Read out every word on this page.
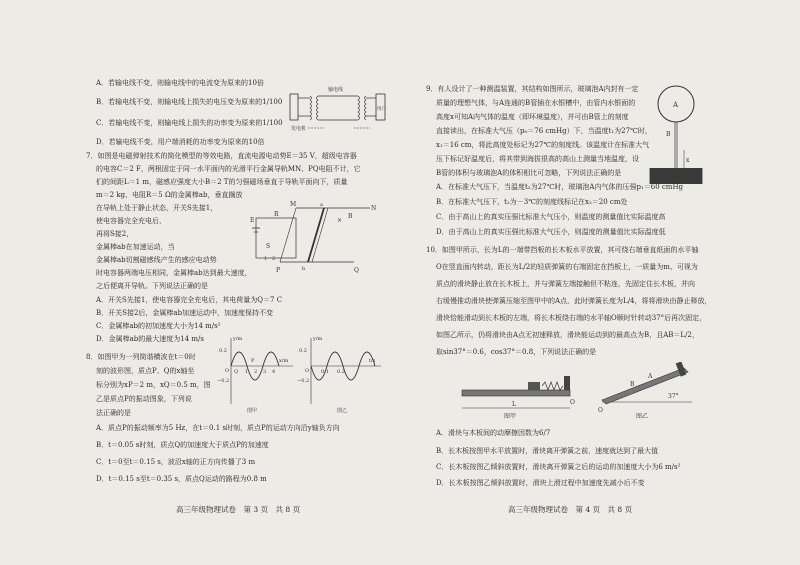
A．若输电线不变，则输电线中的电流变为原来的10倍
B．若输电线不变，则输电线上损失的电压变为原来的1/100
C．若输电线不变，则输电线上损失的功率变为原来的1/100
D．若输电线不变，用户端消耗的功率变为原来的10倍
发电机
输电线
用户
7．如图是电磁弹射技术的简化模型的等效电路，直流电源电动势E＝35 V，超级电容器
的电容C＝2 F，两根固定于同一水平面内的光滑平行金属导轨MN、PQ电阻不计，它
们的间距L＝1 m，磁感应强度大小B＝2 T的匀强磁场垂直于导轨平面向下，质量
m＝2 kg、电阻R＝5 Ω的金属棒ab，垂直搁放
在导轨上处于静止状态，开关S先接1，
使电容器完全充电后，
再将S接2，
金属棒ab在加速运动，当
金属棒ab切割磁感线产生的感应电动势
时电容器两端电压相同，金属棒ab达到最大速度，
之后便离开导轨。下列说法正确的是
E
R
S
1 2
a
b
M
N
P	Q
B
×
A．开关S先接1，使电容器完全充电后，其电荷量为Q＝7 C
B．开关S接2后，金属棒ab加速运动中，加速度保持不变
C．金属棒ab的初加速度大小为14 m/s²
D．金属棒ab的最大速度为14 m/s
8．如图甲为一列简谐横波在t＝0时
刻的波形图，质点P、Q的x轴坐
标分别为xP＝2 m，xQ＝0.5 m，图
乙是质点P的振动图象，下列说
法正确的是
y/m
x/m
0.2
−0.2
O
P
Q 1 2 3 4
图甲
y/m
t/s
0.2
−0.2
O 0.1 0.2
图乙
A．质点P的振动频率为5 Hz，在t＝0.1 s时刻，质点P的运动方向沿y轴负方向
B．t＝0.05 s时刻，质点Q的加速度大于质点P的加速度
C．t＝0至t＝0.15 s，波沿x轴的正方向传播了3 m
D．t＝0.15 s至t＝0.35 s，质点Q运动的路程为0.8 m
高三年级物理试卷　第 3 页　共 8 页
9．有人设计了一种测温装置，其结构如图所示，玻璃泡A内封有一定
质量的理想气体，与A连通的B管插在水银槽中，由管内水银面的
高度x可知A内气体的温度（即环境温度），并可由B管上的刻度
直接读出，在标准大气压（p₀＝76 cmHg）下，当温度t₁为27℃时，
x₁＝16 cm，将此高度处标记为27℃的刻度线。该温度计在标准大气
压下标记好温度后，将其带到海拔很高的高山上测量当地温度，设
B管的体积与玻璃泡A的体积相比可忽略，下列说法正确的是
A
B
x
A．在标准大气压下，当温度t₂为27℃时，玻璃泡A内气体的压强p₁＝60 cmHg
B．在标准大气压下，t₂为－3℃的刻度线标记在x₂＝20 cm处
C．由于高山上的真实压强比标准大气压小，则温度的测量值比实际温度高
D．由于高山上的真实压强比标准大气压小，则温度的测量值比实际温度低
10．如图甲所示，长为L的一端带挡板的长木板水平放置，其可绕右端垂直纸面的水平轴
O在竖直面内转动，距长为L/2的轻质弹簧的右端固定在挡板上，一质量为m、可视为
质点的滑块静止放在长木板上，并与弹簧左端接触但不粘连，先固定住长木板，并向
右缓慢推动滑块使弹簧压缩至图甲中的A点，此时弹簧长度为L/4，将将滑块由静止释放，
滑块恰能滑动到长木板的左端，将长木板绕右端的水平轴O顺时针转动37°后再次固定，
如图乙所示，仍将滑块由A点无初速释放，滑块能运动到的最高点为B，且AB＝L/2，
取sin37°＝0.6，cos37°＝0.8，下列说法正确的是
L	O
图甲
A
B
37°
O
图乙
A．滑块与木板间的动摩擦因数为6/7
B．长木板按图甲水平放置时，滑块离开弹簧之前，速度就达到了最大值
C．长木板按图乙倾斜放置时，滑块离开弹簧之后的运动的加速度大小为6 m/s²
D．长木板按图乙倾斜放置时，滑块上滑过程中加速度先减小后不变
高三年级物理试卷　第 4 页　共 8 页
